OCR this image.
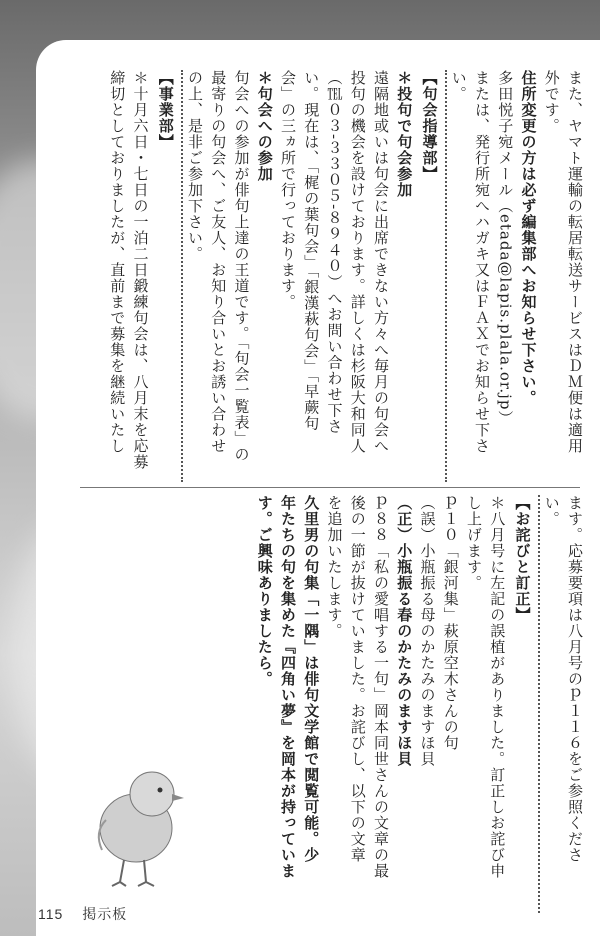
また、ヤマト運輸の転居転送サービスはＤＭ便は適用

外です。

住所変更の方は必ず編集部へお知らせ下さい。

多田悦子宛メール（etada@lapis.plala.or.jp）

または、発行所宛へハガキ又はＦＡＸでお知らせ下さ

い。

【句会指導部】

＊投句で句会参加

遠隔地或いは句会に出席できない方々へ毎月の句会へ

投句の機会を設けております。詳しくは杉阪大和同人

（℡０３‐３３０５‐８９４０）へお問い合わせ下さ

い。現在は、「梶の葉句会」「銀漢萩句会」「早蕨句

会」の三ヵ所で行っております。

＊句会への参加

句会への参加が俳句上達の王道です。「句会一覧表」の

最寄りの句会へ、ご友人、お知り合いとお誘い合わせ

の上、是非ご参加下さい。

【事業部】

＊十月六日・七日の一泊二日鍛練句会は、八月末を応募

締切としておりましたが、直前まで募集を継続いたし

ます。応募要項は八月号のｐ１１６をご参照くださ

い。

【お詫びと訂正】

＊八月号に左記の誤植がありました。訂正しお詫び申

し上げます。

ｐ１０「銀河集」萩原空木さんの句

（誤）小瓶振る母のかたみのますほ貝

（正）小瓶振る春のかたみのますほ貝

ｐ８８「私の愛唱する一句」岡本同世さんの文章の最

後の一節が抜けていました。お詫びし、以下の文章

を追加いたします。

久里男の句集「一隅」は俳句文学館で閲覧可能。少

年たちの句を集めた『四角い夢』を岡本が持っていま

す。ご興味ありましたら。

115 掲示板
